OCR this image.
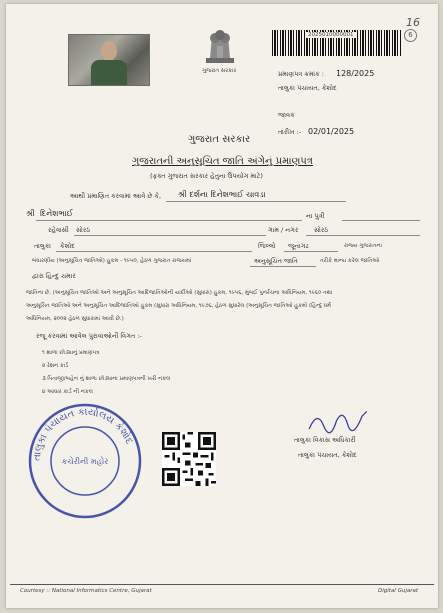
16
6
ગુજરાત સરકાર
2025010000001
પ્રમાણપત્ર ક્રમાંક : 128/2025
તાલુકા પંચાયત, કેશોદ
જાવક
તારીખ :- 02/01/2025
ગુજરાત સરકાર
ગુજરાતની અનુસૂચિત જાતિ અંગેનું પ્રમાણપત્ર
(ફક્ત ગુજરાત સરકાર હેતુના ઉપયોગ માટે)
આથી પ્રમાણિત કરવામાં આવે છે કે, શ્રી દર્શના દિનેશભાઈ ચાવડા
શ્રી દિનેશભાઈ	ના પુત્રી
રહેવાસી સોરઠ	ગામ / નગર સોરઠ
તાલુકા કેશોદ	જિલ્લો જૂનાગઢ	રાજ્ય ગુજરાતના
બંધારણીય (અનુસૂચિત જાતિઓ) હુકમ - ૧૯૫૦, હેઠળ ગુજરાત રાજયમાં	અનુસૂચિત જાતિ	તરીકે માન્ય કરેલ જાતિઓ
દ્વારા હિન્દુ ચમાર
જાતિના છે. (અનુસૂચિત જાતિઓ અને અનુસૂચિત આદિજાતિઓની યાદીઓ (સુધારા) હુકમ, ૧૯૫૬, મુંબઈ પુનર્રચના અધિનિયમ, ૧૯૬૦ તથા
અનુસૂચિત જાતિઓ અને અનુસૂચિત આદિજાતિઓ હુકમ (સુધારા અધિનિયમ, ૧૯૭૬, હેઠળ સુધારેલ (અનુસૂચિત જાતિઓ હુકમો (હિન્દુ ધર્મ
અધિનિયમ, ૨૦૦૨ હેઠળ સુધારામાં આવી છે.)
રજૂ કરવામાં આવેલ પુરાવાઓની વિગત :-
૧ શાળા છોડ્યાનું પ્રમાણપત્ર
૨ રેશન કાર્ડ
૩ પિતાજી/બહેન નું શાળા છોડ્યાના પ્રમાણપત્રની ખરી નકલ
૪ આધાર કાર્ડ ની નકલ
તાલુકા પંચાયત કાર્યાલય કેશોદ
કચેરીની મહોર
તાલુકા વિકાસ અધિકારી
તાલુકા પંચાયત, કેશોદ
Courtesy :: National Informatics Centre, Gujarat	Digital Gujarat
